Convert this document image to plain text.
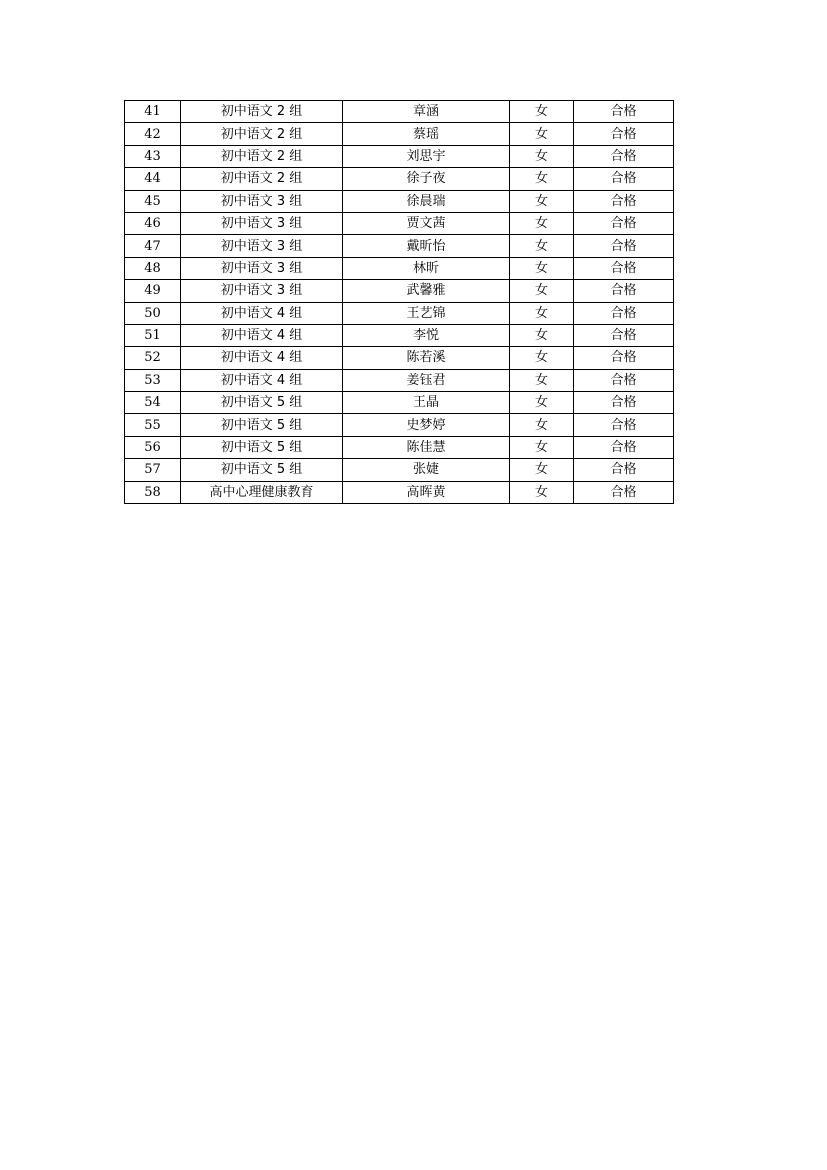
41	初中语文 2 组	章涵	女	合格
42	初中语文 2 组	蔡瑶	女	合格
43	初中语文 2 组	刘思宇	女	合格
44	初中语文 2 组	徐子夜	女	合格
45	初中语文 3 组	徐晨瑞	女	合格
46	初中语文 3 组	贾文茜	女	合格
47	初中语文 3 组	戴昕怡	女	合格
48	初中语文 3 组	林昕	女	合格
49	初中语文 3 组	武馨雅	女	合格
50	初中语文 4 组	王艺锦	女	合格
51	初中语文 4 组	李悦	女	合格
52	初中语文 4 组	陈若溪	女	合格
53	初中语文 4 组	姜钰君	女	合格
54	初中语文 5 组	王晶	女	合格
55	初中语文 5 组	史梦婷	女	合格
56	初中语文 5 组	陈佳慧	女	合格
57	初中语文 5 组	张婕	女	合格
58	高中心理健康教育	高晖黄	女	合格
